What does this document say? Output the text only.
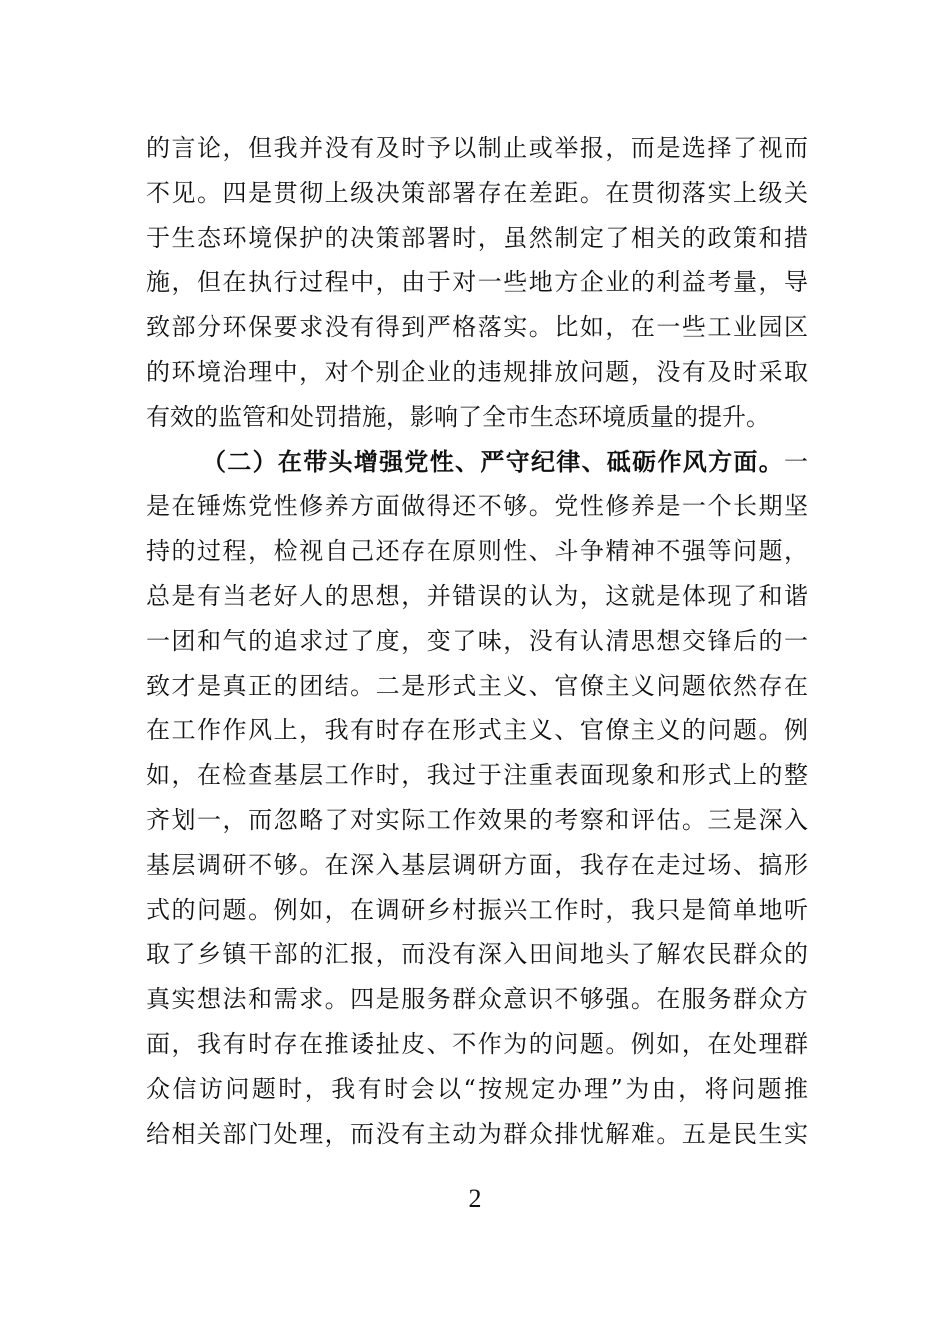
的言论，但我并没有及时予以制止或举报，而是选择了视而
不见。四是贯彻上级决策部署存在差距。在贯彻落实上级关
于生态环境保护的决策部署时，虽然制定了相关的政策和措
施，但在执行过程中，由于对一些地方企业的利益考量，导
致部分环保要求没有得到严格落实。比如，在一些工业园区
的环境治理中，对个别企业的违规排放问题，没有及时采取
有效的监管和处罚措施，影响了全市生态环境质量的提升。
（二）在带头增强党性、严守纪律、砥砺作风方面。一
是在锤炼党性修养方面做得还不够。党性修养是一个长期坚
持的过程，检视自己还存在原则性、斗争精神不强等问题，
总是有当老好人的思想，并错误的认为，这就是体现了和谐
一团和气的追求过了度，变了味，没有认清思想交锋后的一
致才是真正的团结。二是形式主义、官僚主义问题依然存在
在工作作风上，我有时存在形式主义、官僚主义的问题。例
如，在检查基层工作时，我过于注重表面现象和形式上的整
齐划一，而忽略了对实际工作效果的考察和评估。三是深入
基层调研不够。在深入基层调研方面，我存在走过场、搞形
式的问题。例如，在调研乡村振兴工作时，我只是简单地听
取了乡镇干部的汇报，而没有深入田间地头了解农民群众的
真实想法和需求。四是服务群众意识不够强。在服务群众方
面，我有时存在推诿扯皮、不作为的问题。例如，在处理群
众信访问题时，我有时会以“按规定办理”为由，将问题推
给相关部门处理，而没有主动为群众排忧解难。五是民生实
2
